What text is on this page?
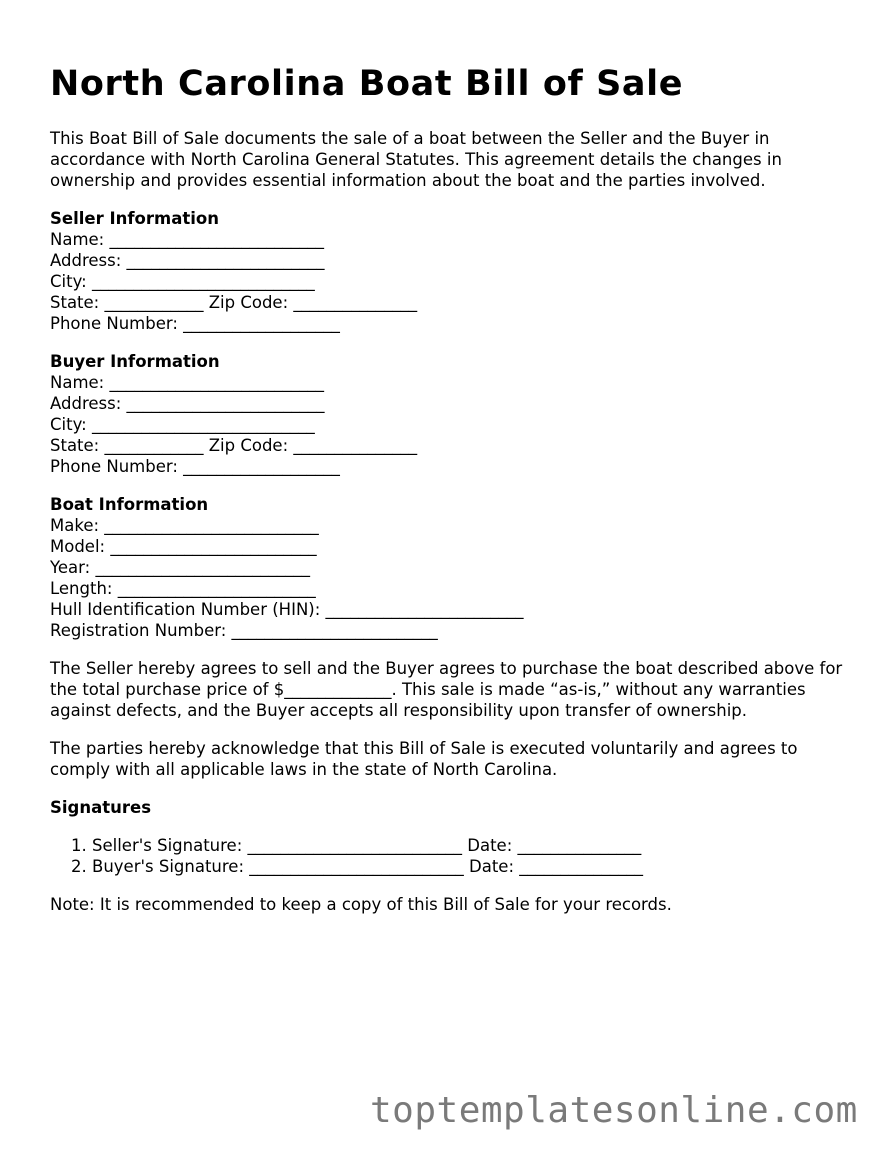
North Carolina Boat Bill of Sale

This Boat Bill of Sale documents the sale of a boat between the Seller and the Buyer in accordance with North Carolina General Statutes. This agreement details the changes in ownership and provides essential information about the boat and the parties involved.

Seller Information
Name: __________________________
Address: ________________________
City: ___________________________
State: ____________ Zip Code: _______________
Phone Number: ___________________
Buyer Information
Name: __________________________
Address: ________________________
City: ___________________________
State: ____________ Zip Code: _______________
Phone Number: ___________________
Boat Information
Make: __________________________
Model: _________________________
Year: __________________________
Length: ________________________
Hull Identification Number (HIN): ________________________
Registration Number: _________________________

The Seller hereby agrees to sell and the Buyer agrees to purchase the boat described above for the total purchase price of $_____________. This sale is made “as-is,” without any warranties against defects, and the Buyer accepts all responsibility upon transfer of ownership.

The parties hereby acknowledge that this Bill of Sale is executed voluntarily and agrees to comply with all applicable laws in the state of North Carolina.

Signatures
1. Seller's Signature: __________________________ Date: _______________
2. Buyer's Signature: __________________________ Date: _______________
Note: It is recommended to keep a copy of this Bill of Sale for your records.
toptemplatesonline.com
